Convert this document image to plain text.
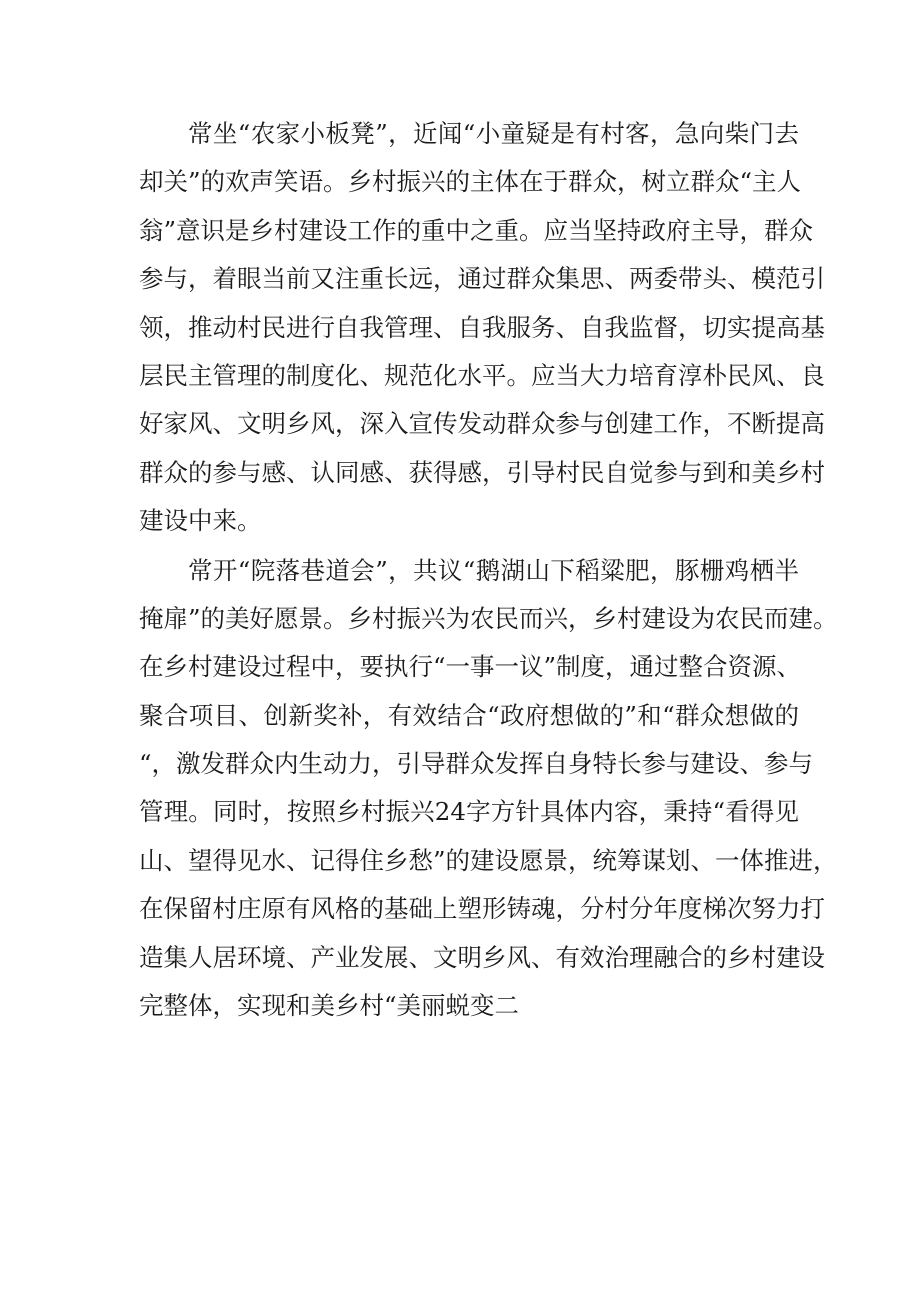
常坐“农家小板凳”，近闻“小童疑是有村客，急向柴门去
却关”的欢声笑语。乡村振兴的主体在于群众，树立群众“主人
翁”意识是乡村建设工作的重中之重。应当坚持政府主导，群众
参与，着眼当前又注重长远，通过群众集思、两委带头、模范引
领，推动村民进行自我管理、自我服务、自我监督，切实提高基
层民主管理的制度化、规范化水平。应当大力培育淳朴民风、良
好家风、文明乡风，深入宣传发动群众参与创建工作，不断提高
群众的参与感、认同感、获得感，引导村民自觉参与到和美乡村
建设中来。
常开“院落巷道会”，共议“鹅湖山下稻粱肥，豚栅鸡栖半
掩扉”的美好愿景。乡村振兴为农民而兴，乡村建设为农民而建。
在乡村建设过程中，要执行“一事一议”制度，通过整合资源、
聚合项目、创新奖补，有效结合“政府想做的”和“群众想做的
“，激发群众内生动力，引导群众发挥自身特长参与建设、参与
管理。同时，按照乡村振兴24字方针具体内容，秉持“看得见
山、望得见水、记得住乡愁”的建设愿景，统筹谋划、一体推进，
在保留村庄原有风格的基础上塑形铸魂，分村分年度梯次努力打
造集人居环境、产业发展、文明乡风、有效治理融合的乡村建设
完整体，实现和美乡村“美丽蜕变二
